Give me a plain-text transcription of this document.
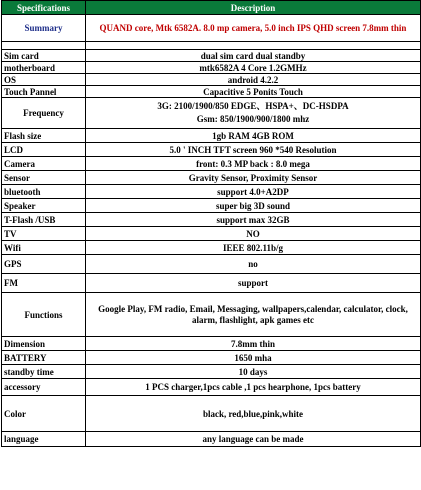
Specifications	Description
Summary	QUAND core, Mtk 6582A. 8.0 mp camera, 5.0 inch IPS QHD screen 7.8mm thin

Sim card	dual sim card dual standby
motherboard	mtk6582A 4 Core 1.2GMHz
OS	android 4.2.2
Touch Pannel	Capacitive 5 Ponits Touch
Frequency	3G: 2100/1900/850 EDGE、HSPA+、DC-HSDPA
Gsm: 850/1900/900/1800 mhz

Flash size	1gb RAM 4GB ROM
LCD	5.0 ' INCH TFT screen 960 *540 Resolution
Camera	front: 0.3 MP back : 8.0 mega
Sensor	Gravity Sensor, Proximity Sensor
bluetooth	support 4.0+A2DP
Speaker	super big 3D sound
T-Flash /USB	support max 32GB
TV	NO
Wifi	IEEE 802.11b/g
GPS	no
FM	support
Functions	Google Play, FM radio, Email, Messaging, wallpapers,calendar, calculator, clock, alarm, flashlight, apk games etc
Dimension	7.8mm thin
BATTERY	1650 mha
standby time	10 days
accessory	1 PCS charger,1pcs cable ,1 pcs hearphone, 1pcs battery
Color	black, red,blue,pink,white
language	any language can be made
